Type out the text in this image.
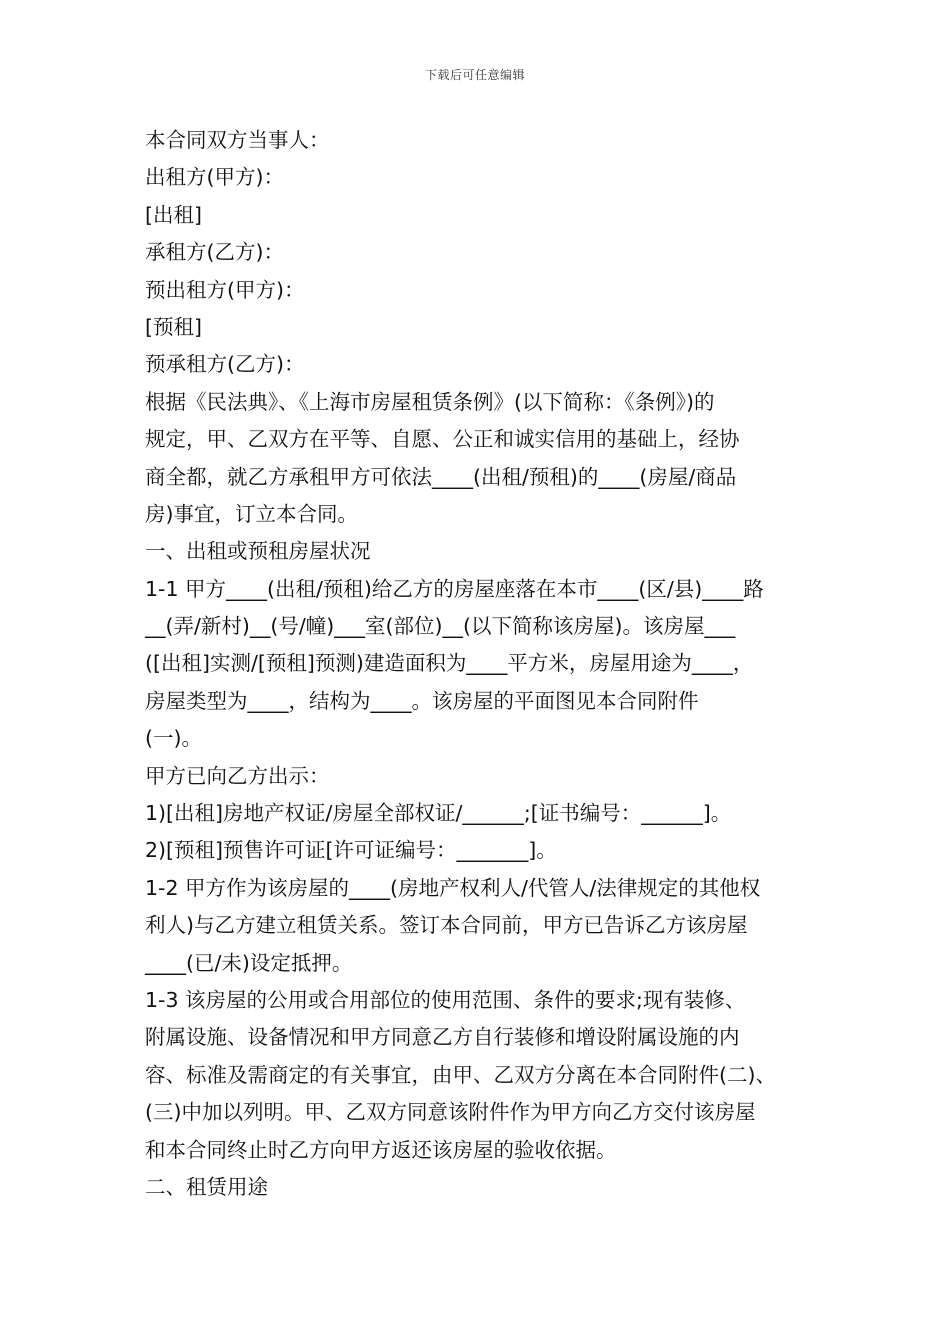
下载后可任意编辑
本合同双方当事人：
出租方(甲方)：
[出租]
承租方(乙方)：
预出租方(甲方)：
[预租]
预承租方(乙方)：
根据《民法典》、《上海市房屋租赁条例》(以下简称：《条例》)的
规定，甲、乙双方在平等、自愿、公正和诚实信用的基础上，经协
商全都，就乙方承租甲方可依法____(出租/预租)的____(房屋/商品
房)事宜，订立本合同。
一、出租或预租房屋状况
1-1 甲方____(出租/预租)给乙方的房屋座落在本市____(区/县)____路
__(弄/新村)__(号/幢)___室(部位)__(以下简称该房屋)。该房屋___
([出租]实测/[预租]预测)建造面积为____平方米，房屋用途为____，
房屋类型为____，结构为____。该房屋的平面图见本合同附件
(一)。
甲方已向乙方出示：
1)[出租]房地产权证/房屋全部权证/______;[证书编号：______]。
2)[预租]预售许可证[许可证编号：_______]。
1-2 甲方作为该房屋的____(房地产权利人/代管人/法律规定的其他权
利人)与乙方建立租赁关系。签订本合同前，甲方已告诉乙方该房屋
____(已/未)设定抵押。
1-3 该房屋的公用或合用部位的使用范围、条件的要求;现有装修、
附属设施、设备情况和甲方同意乙方自行装修和增设附属设施的内
容、标准及需商定的有关事宜，由甲、乙双方分离在本合同附件(二)、
(三)中加以列明。甲、乙双方同意该附件作为甲方向乙方交付该房屋
和本合同终止时乙方向甲方返还该房屋的验收依据。
二、租赁用途
